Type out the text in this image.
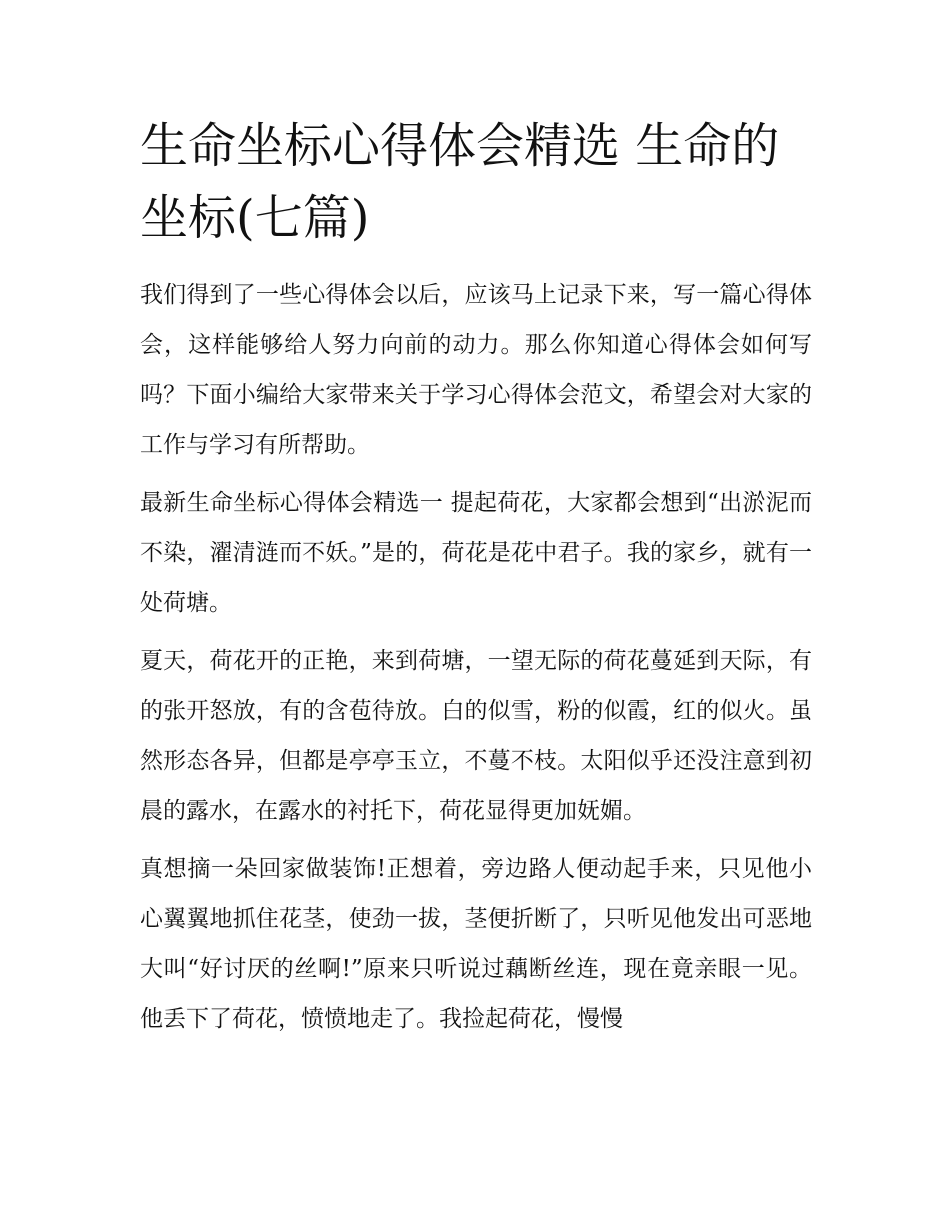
生命坐标心得体会精选 生命的坐标(七篇)

我们得到了一些心得体会以后，应该马上记录下来，写一篇心得体会，这样能够给人努力向前的动力。那么你知道心得体会如何写吗？下面小编给大家带来关于学习心得体会范文，希望会对大家的工作与学习有所帮助。

最新生命坐标心得体会精选一 提起荷花，大家都会想到“出淤泥而不染，濯清涟而不妖。”是的，荷花是花中君子。我的家乡，就有一处荷塘。

夏天，荷花开的正艳，来到荷塘，一望无际的荷花蔓延到天际，有的张开怒放，有的含苞待放。白的似雪，粉的似霞，红的似火。虽然形态各异，但都是亭亭玉立，不蔓不枝。太阳似乎还没注意到初晨的露水，在露水的衬托下，荷花显得更加妩媚。

真想摘一朵回家做装饰!正想着，旁边路人便动起手来，只见他小心翼翼地抓住花茎，使劲一拔，茎便折断了，只听见他发出可恶地大叫“好讨厌的丝啊!”原来只听说过藕断丝连，现在竟亲眼一见。他丢下了荷花，愤愤地走了。我捡起荷花，慢慢
